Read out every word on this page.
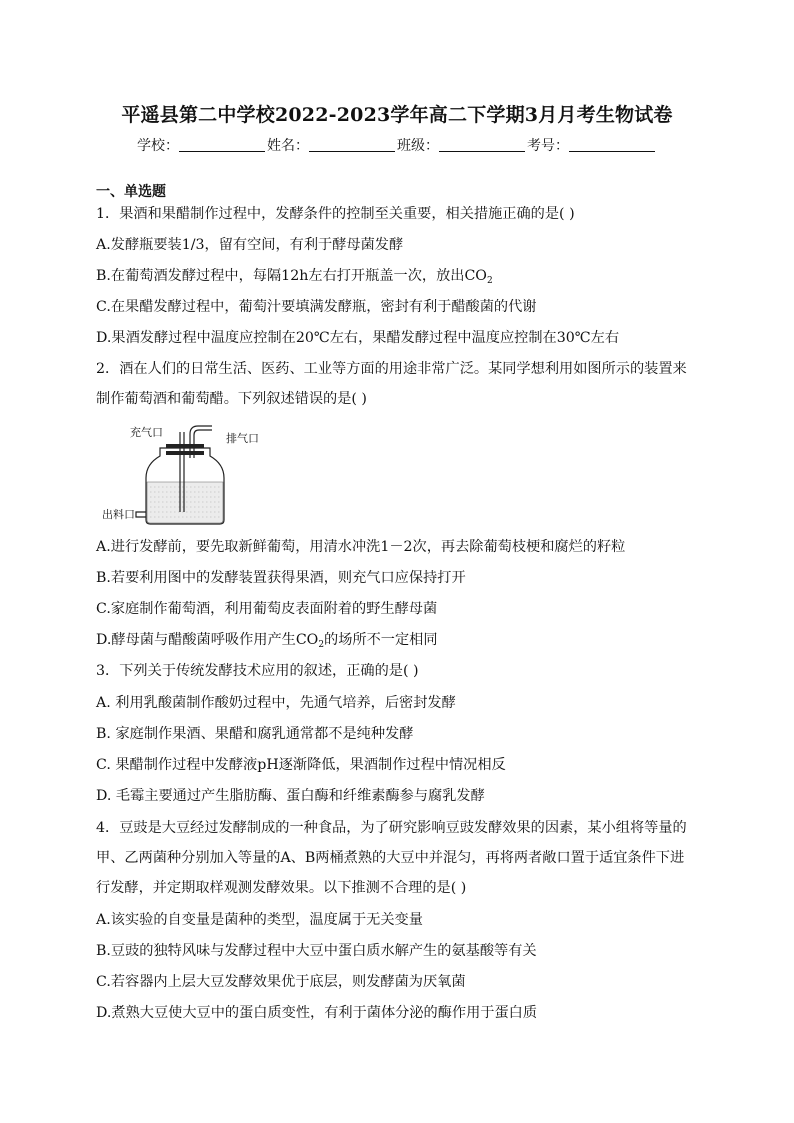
平遥县第二中学校2022-2023学年高二下学期3月月考生物试卷
学校：	姓名：	班级：	考号：
一、单选题
1．果酒和果醋制作过程中，发酵条件的控制至关重要，相关措施正确的是( )
A.发酵瓶要装1/3，留有空间，有利于酵母菌发酵
B.在葡萄酒发酵过程中，每隔12h左右打开瓶盖一次，放出$CO_2$
C.在果醋发酵过程中，葡萄汁要填满发酵瓶，密封有利于醋酸菌的代谢
D.果酒发酵过程中温度应控制在20℃左右，果醋发酵过程中温度应控制在30℃左右
2．酒在人们的日常生活、医药、工业等方面的用途非常广泛。某同学想利用如图所示的装置来制作葡萄酒和葡萄醋。下列叙述错误的是( )
充气口	排气口
出料口
A.进行发酵前，要先取新鲜葡萄，用清水冲洗1－2次，再去除葡萄枝梗和腐烂的籽粒
B.若要利用图中的发酵装置获得果酒，则充气口应保持打开
C.家庭制作葡萄酒，利用葡萄皮表面附着的野生酵母菌
D.酵母菌与醋酸菌呼吸作用产生$CO_2$的场所不一定相同
3．下列关于传统发酵技术应用的叙述，正确的是( )
A. 利用乳酸菌制作酸奶过程中，先通气培养，后密封发酵
B. 家庭制作果酒、果醋和腐乳通常都不是纯种发酵
C. 果醋制作过程中发酵液pH逐渐降低，果酒制作过程中情况相反
D. 毛霉主要通过产生脂肪酶、蛋白酶和纤维素酶参与腐乳发酵
4．豆豉是大豆经过发酵制成的一种食品，为了研究影响豆豉发酵效果的因素，某小组将等量的甲、乙两菌种分别加入等量的A、B两桶煮熟的大豆中并混匀，再将两者敞口置于适宜条件下进行发酵，并定期取样观测发酵效果。以下推测不合理的是( )
A.该实验的自变量是菌种的类型，温度属于无关变量
B.豆豉的独特风味与发酵过程中大豆中蛋白质水解产生的氨基酸等有关
C.若容器内上层大豆发酵效果优于底层，则发酵菌为厌氧菌
D.煮熟大豆使大豆中的蛋白质变性，有利于菌体分泌的酶作用于蛋白质
